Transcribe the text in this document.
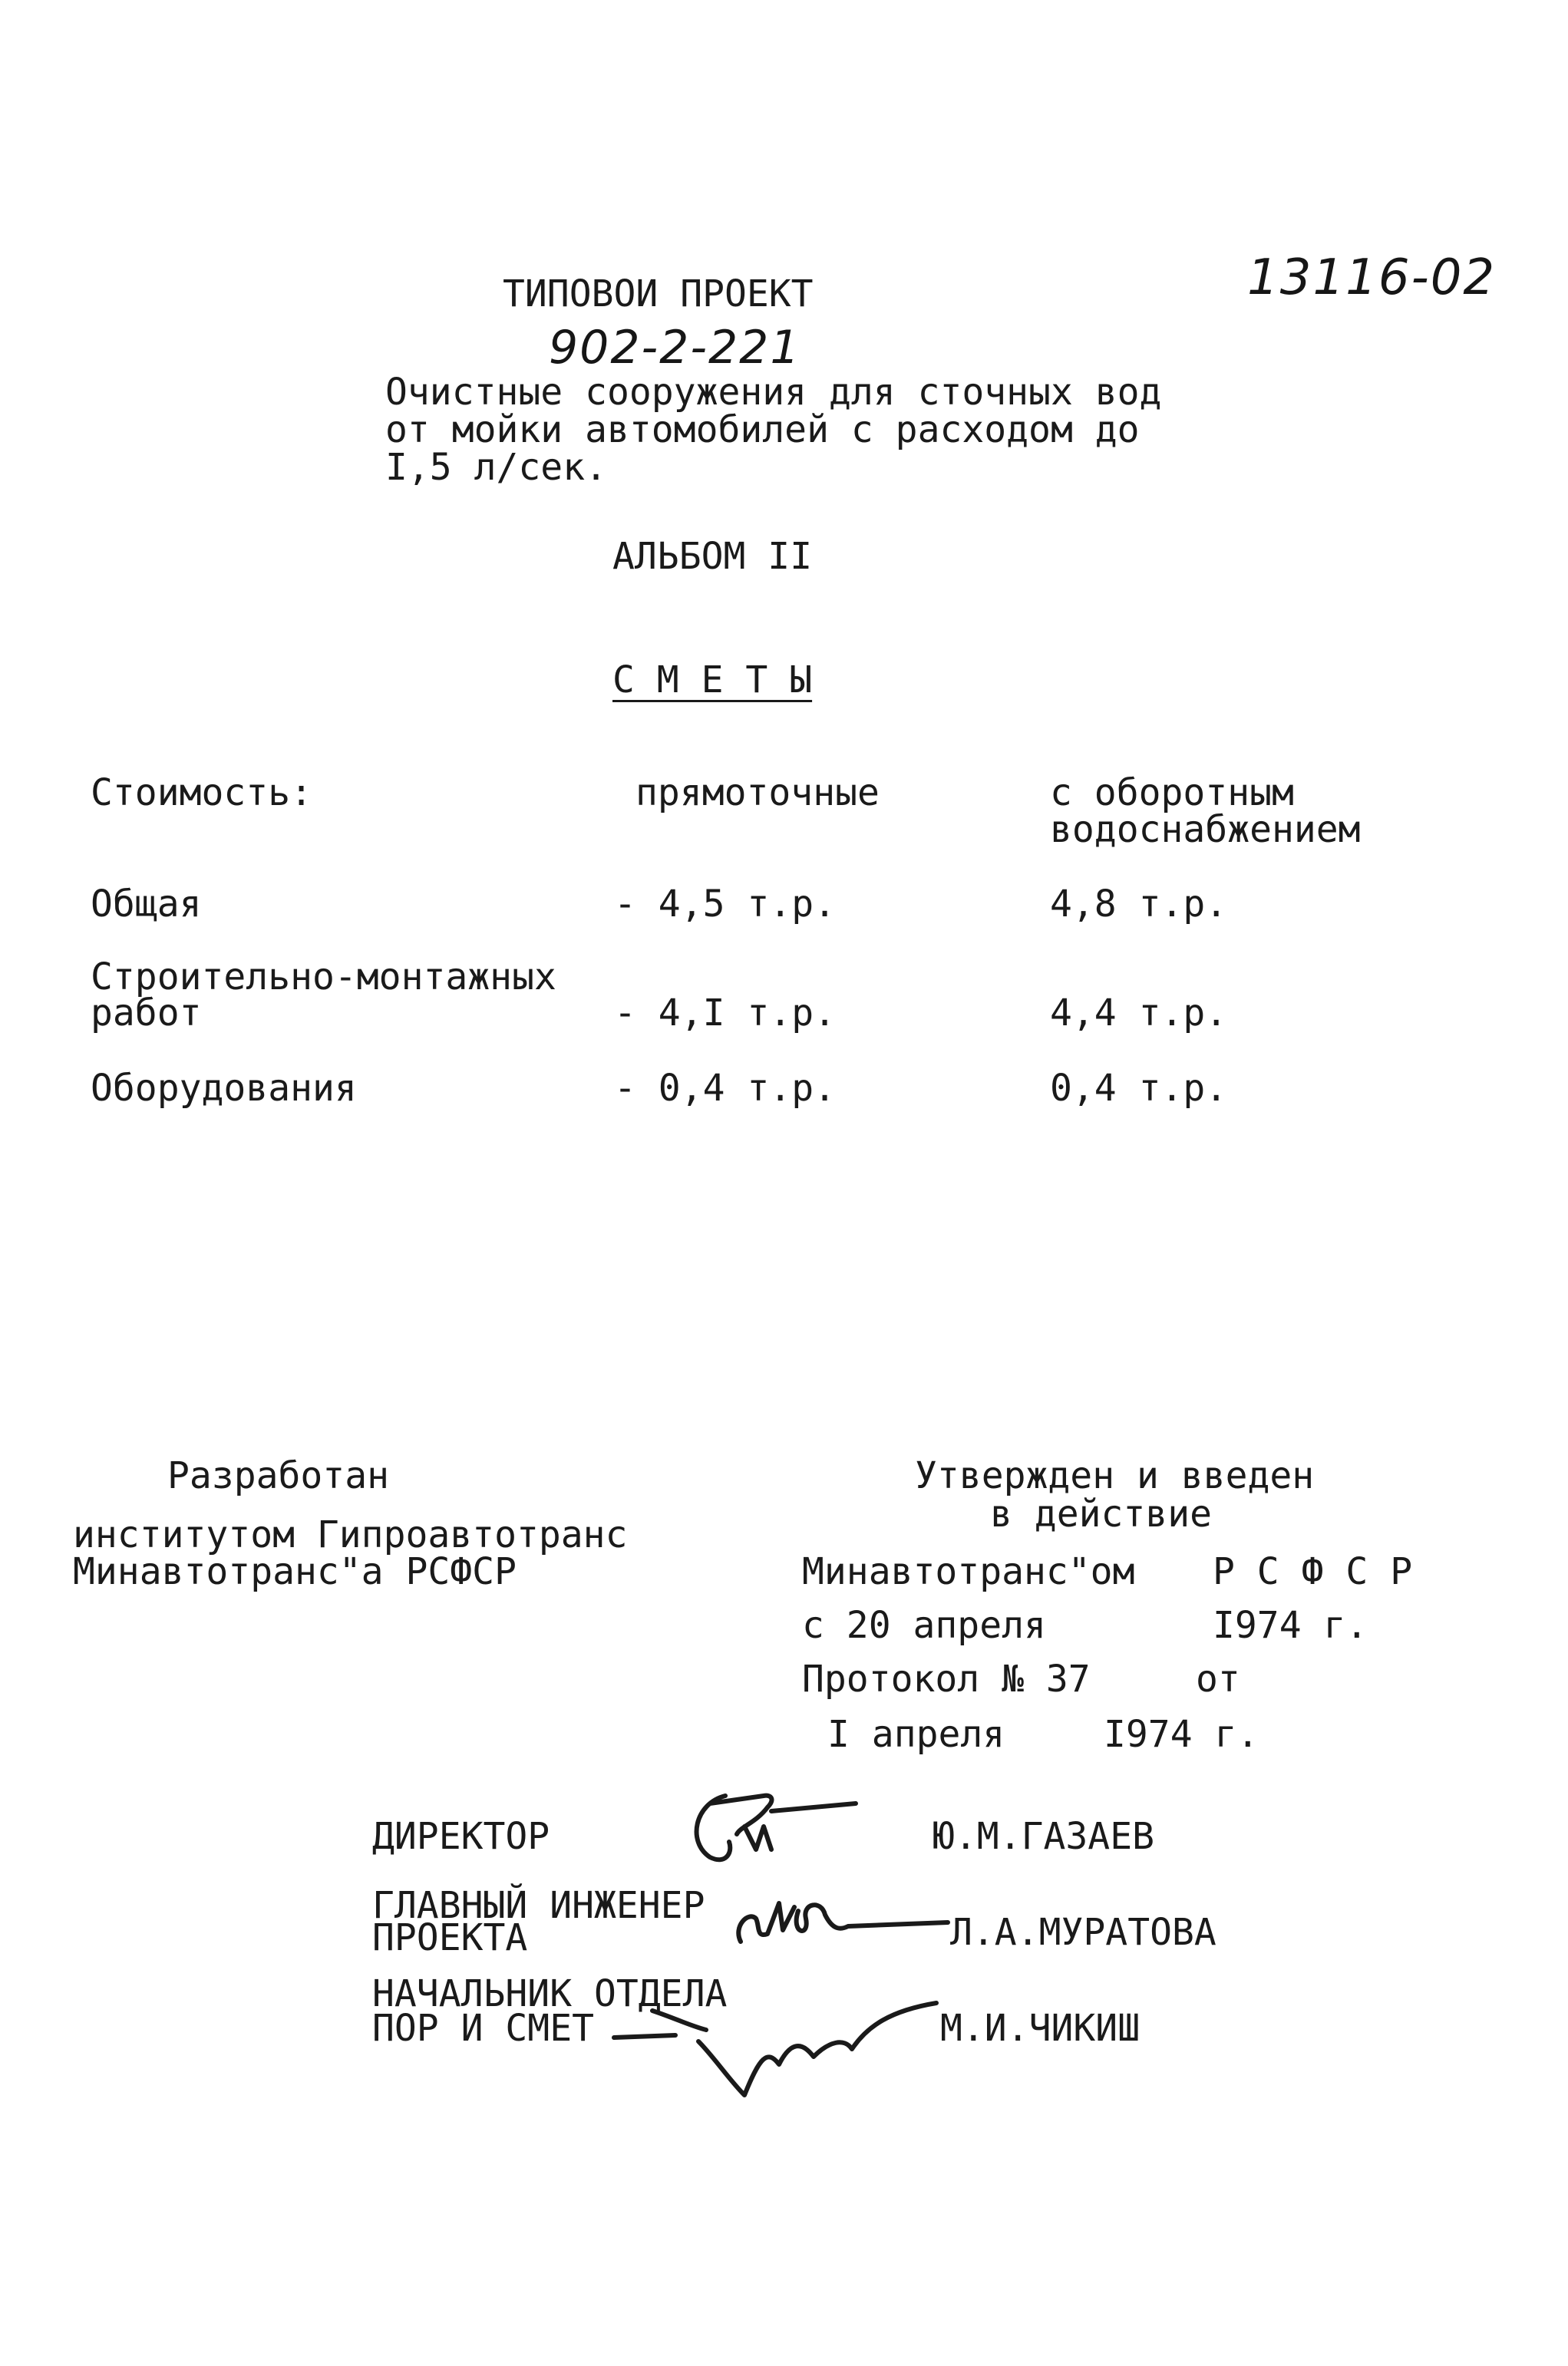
ТИПОВОИ ПРОЕКТ	13116-02
902-2-221
Очистные сооружения для сточных вод
от мойки автомобилей с расходом до
I,5 л/сек.
АЛЬБОМ II
С М Е Т Ы
Стоимость:	прямоточные	с оборотным
водоснабжением
Общая	- 4,5 т.р.	4,8 т.р.
Строительно-монтажных
работ	- 4,I т.р.	4,4 т.р.
Оборудования	- 0,4 т.р.	0,4 т.р.
Разработан
институтом Гипроавтотранс
Минавтотранс"а РСФСР
Утвержден и введен
в действие
Минавтотранс"ом Р С Ф С Р
с 20 апреля	I974 г.
Протокол № 37	от
I апреля	I974 г.
ДИРЕКТОР	Ю.М.ГАЗАЕВ
ГЛАВНЫЙ ИНЖЕНЕР
ПРОЕКТА	Л.А.МУРАТОВА
НАЧАЛЬНИК ОТДЕЛА
ПОР И СМЕТ	М.И.ЧИКИШ
